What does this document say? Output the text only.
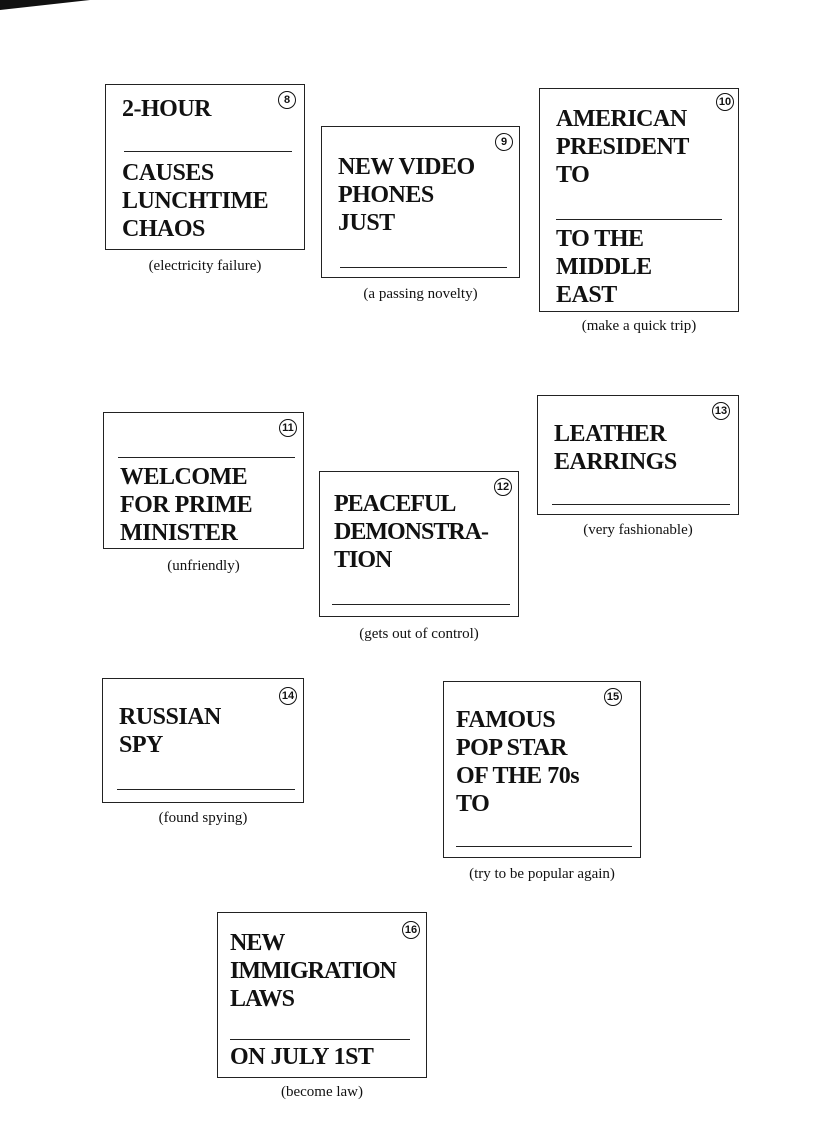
8
2-HOUR
CAUSES
LUNCHTIME
CHAOS
(electricity failure)
9
NEW VIDEO
PHONES
JUST
(a passing novelty)
10
AMERICAN
PRESIDENT
TO
TO THE
MIDDLE
EAST
(make a quick trip)
11
WELCOME
FOR PRIME
MINISTER
(unfriendly)
12
PEACEFUL
DEMONSTRA-
TION
(gets out of control)
13
LEATHER
EARRINGS
(very fashionable)
14
RUSSIAN
SPY
(found spying)
15
FAMOUS
POP STAR
OF THE 70s
TO
(try to be popular again)
16
NEW
IMMIGRATION
LAWS
ON JULY 1ST
(become law)
